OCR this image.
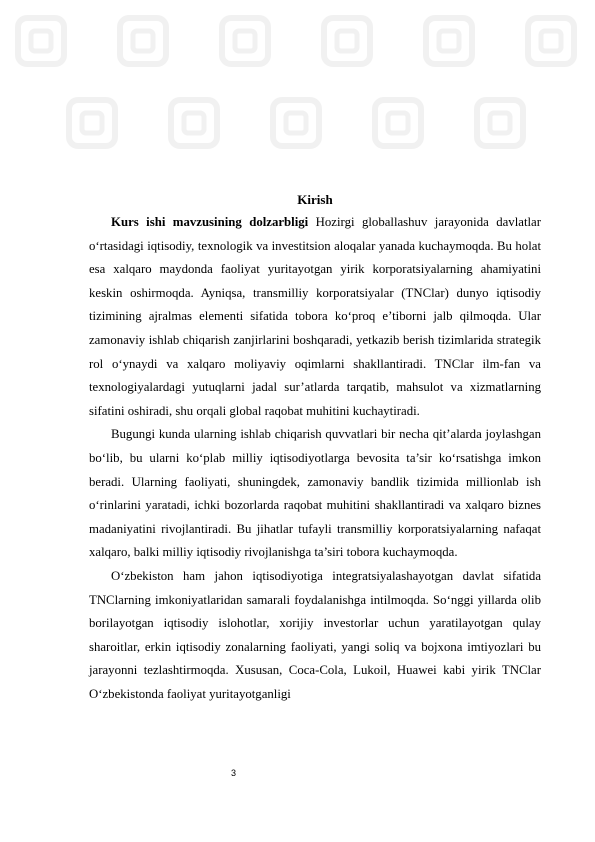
Kirish

Kurs ishi mavzusining dolzarbligi Hozirgi globallashuv jarayonida davlatlar o‘rtasidagi iqtisodiy, texnologik va investitsion aloqalar yanada kuchaymoqda. Bu holat esa xalqaro maydonda faoliyat yuritayotgan yirik korporatsiyalarning ahamiyatini keskin oshirmoqda. Ayniqsa, transmilliy korporatsiyalar (TNClar) dunyo iqtisodiy tizimining ajralmas elementi sifatida tobora ko‘proq e’tiborni jalb qilmoqda. Ular zamonaviy ishlab chiqarish zanjirlarini boshqaradi, yetkazib berish tizimlarida strategik rol o‘ynaydi va xalqaro moliyaviy oqimlarni shakllantiradi. TNClar ilm-fan va texnologiyalardagi yutuqlarni jadal sur’atlarda tarqatib, mahsulot va xizmatlarning sifatini oshiradi, shu orqali global raqobat muhitini kuchaytiradi.

Bugungi kunda ularning ishlab chiqarish quvvatlari bir necha qit’alarda joylashgan bo‘lib, bu ularni ko‘plab milliy iqtisodiyotlarga bevosita ta’sir ko‘rsatishga imkon beradi. Ularning faoliyati, shuningdek, zamonaviy bandlik tizimida millionlab ish o‘rinlarini yaratadi, ichki bozorlarda raqobat muhitini shakllantiradi va xalqaro biznes madaniyatini rivojlantiradi. Bu jihatlar tufayli transmilliy korporatsiyalarning nafaqat xalqaro, balki milliy iqtisodiy rivojlanishga ta’siri tobora kuchaymoqda.

O‘zbekiston ham jahon iqtisodiyotiga integratsiyalashayotgan davlat sifatida TNClarning imkoniyatlaridan samarali foydalanishga intilmoqda. So‘nggi yillarda olib borilayotgan iqtisodiy islohotlar, xorijiy investorlar uchun yaratilayotgan qulay sharoitlar, erkin iqtisodiy zonalarning faoliyati, yangi soliq va bojxona imtiyozlari bu jarayonni tezlashtirmoqda. Xususan, Coca-Cola, Lukoil, Huawei kabi yirik TNClar O‘zbekistonda faoliyat yuritayotganligi

3
